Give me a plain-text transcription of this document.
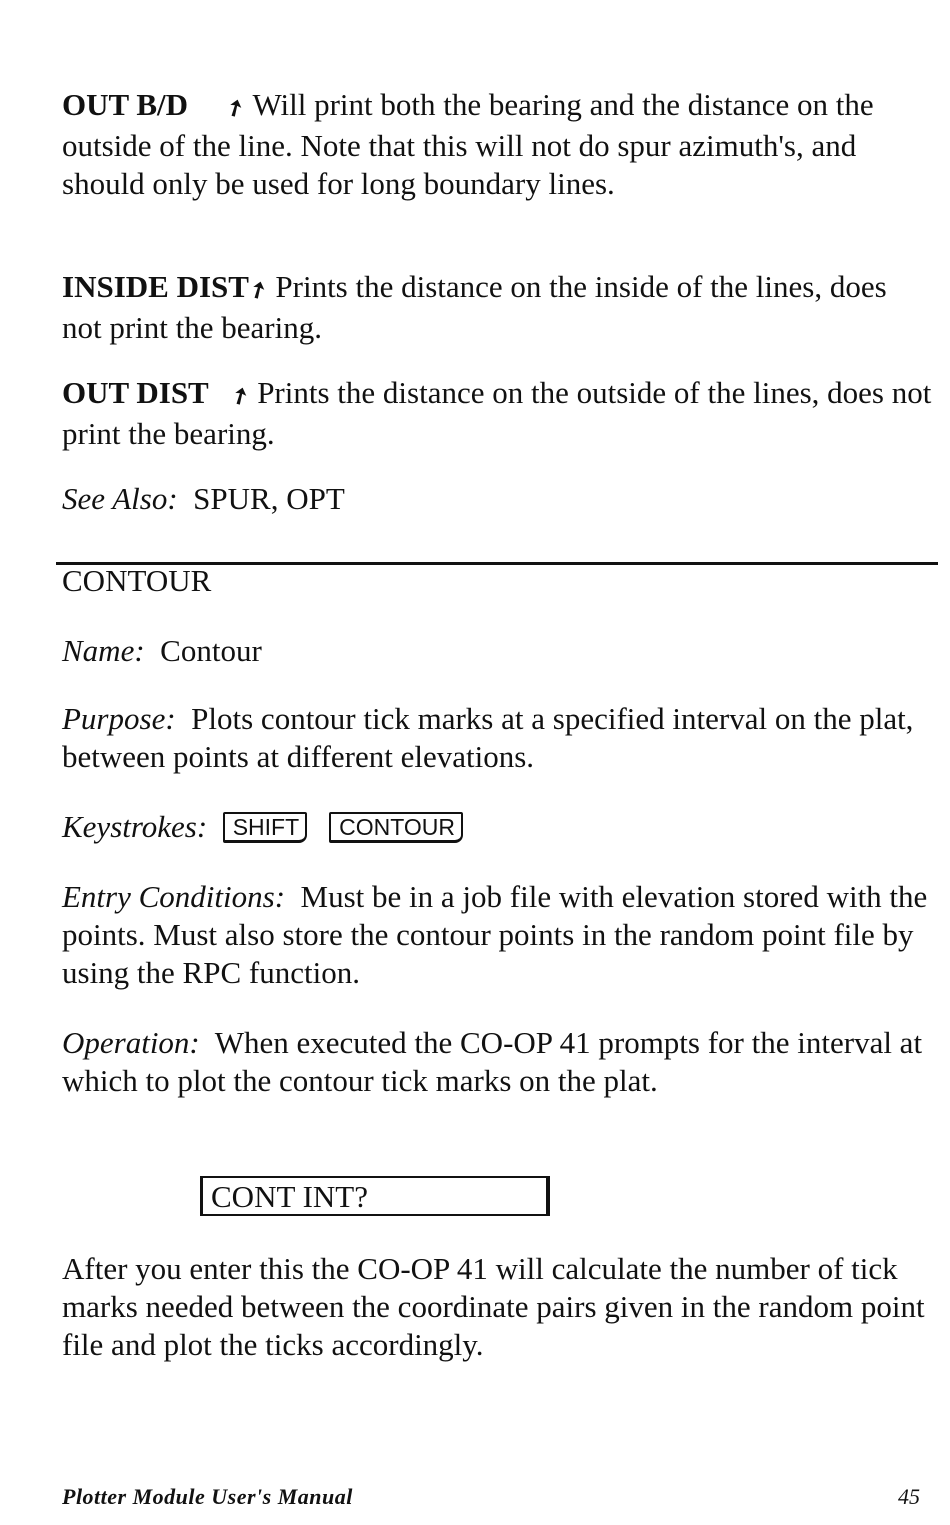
OUT B/D ➚ Will print both the bearing and the distance on the outside of the line. Note that this will not do spur azimuth's, and should only be used for long boundary lines.

INSIDE DIST➚ Prints the distance on the inside of the lines, does not print the bearing.

OUT DIST ➚ Prints the distance on the outside of the lines, does not print the bearing.

See Also: SPUR, OPT

CONTOUR

Name: Contour

Purpose: Plots contour tick marks at a specified interval on the plat, between points at different elevations.

Keystrokes: SHIFT CONTOUR

Entry Conditions: Must be in a job file with elevation stored with the points. Must also store the contour points in the random point file by using the RPC function.

Operation: When executed the CO-OP 41 prompts for the interval at which to plot the contour tick marks on the plat.

CONT INT?

After you enter this the CO-OP 41 will calculate the number of tick marks needed between the coordinate pairs given in the random point file and plot the ticks accordingly.

Plotter Module User's Manual	45
